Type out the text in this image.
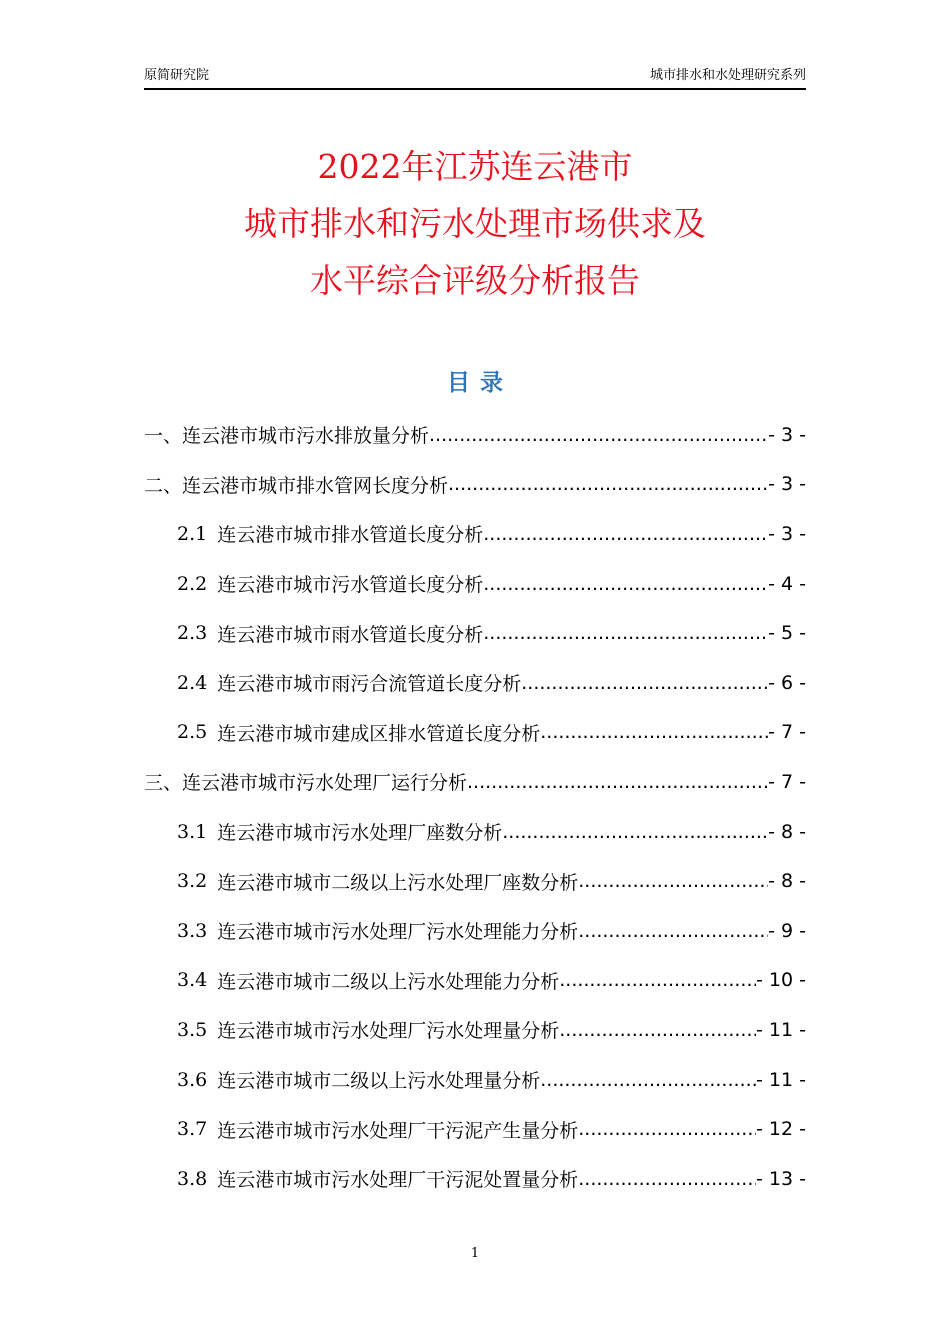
原简研究院	城市排水和水处理研究系列
2022年江苏连云港市
城市排水和污水处理市场供求及
水平综合评级分析报告
目录
一、连云港市城市污水排放量分析 .....	- 3 -
二、连云港市城市排水管网长度分析 .....	- 3 -
2.1 连云港市城市排水管道长度分析 .....	- 3 -
2.2 连云港市城市污水管道长度分析 .....	- 4 -
2.3 连云港市城市雨水管道长度分析 .....	- 5 -
2.4 连云港市城市雨污合流管道长度分析 .....	- 6 -
2.5 连云港市城市建成区排水管道长度分析 .....	- 7 -
三、连云港市城市污水处理厂运行分析 .....	- 7 -
3.1 连云港市城市污水处理厂座数分析 .....	- 8 -
3.2 连云港市城市二级以上污水处理厂座数分析 .....	- 8 -
3.3 连云港市城市污水处理厂污水处理能力分析 .....	- 9 -
3.4 连云港市城市二级以上污水处理能力分析 .....	- 10 -
3.5 连云港市城市污水处理厂污水处理量分析 .....	- 11 -
3.6 连云港市城市二级以上污水处理量分析 .....	- 11 -
3.7 连云港市城市污水处理厂干污泥产生量分析 .....	- 12 -
3.8 连云港市城市污水处理厂干污泥处置量分析 .....	- 13 -
1
